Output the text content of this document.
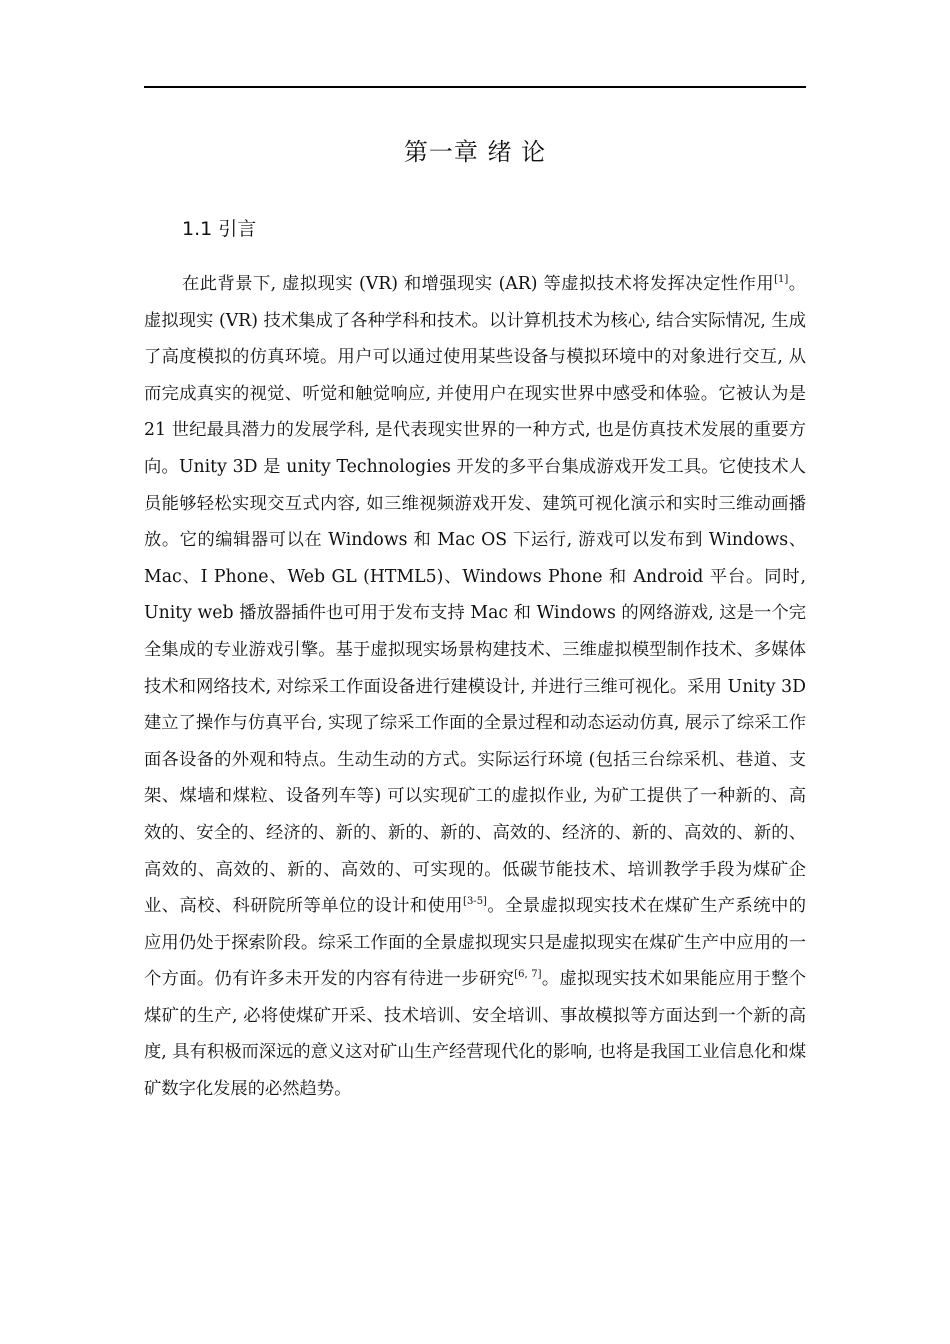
第一章 绪 论
1.1 引言

在此背景下, 虚拟现实 (VR) 和增强现实 (AR) 等虚拟技术将发挥决定性作用[1]。虚拟现实 (VR) 技术集成了各种学科和技术。以计算机技术为核心, 结合实际情况, 生成了高度模拟的仿真环境。用户可以通过使用某些设备与模拟环境中的对象进行交互, 从而完成真实的视觉、听觉和触觉响应, 并使用户在现实世界中感受和体验。它被认为是21 世纪最具潜力的发展学科, 是代表现实世界的一种方式, 也是仿真技术发展的重要方向。Unity 3D 是 unity Technologies 开发的多平台集成游戏开发工具。它使技术人员能够轻松实现交互式内容, 如三维视频游戏开发、建筑可视化演示和实时三维动画播放。它的编辑器可以在 Windows 和 Mac OS 下运行, 游戏可以发布到 Windows、Mac、I Phone、Web GL (HTML5)、Windows Phone 和 Android 平台。同时, Unity web 播放器插件也可用于发布支持 Mac 和 Windows 的网络游戏, 这是一个完全集成的专业游戏引擎。基于虚拟现实场景构建技术、三维虚拟模型制作技术、多媒体技术和网络技术, 对综采工作面设备进行建模设计, 并进行三维可视化。采用 Unity 3D 建立了操作与仿真平台, 实现了综采工作面的全景过程和动态运动仿真, 展示了综采工作面各设备的外观和特点。生动生动的方式。实际运行环境 (包括三台综采机、巷道、支架、煤墙和煤粒、设备列车等) 可以实现矿工的虚拟作业, 为矿工提供了一种新的、高效的、安全的、经济的、新的、新的、新的、高效的、经济的、新的、高效的、新的、高效的、高效的、新的、高效的、可实现的。低碳节能技术、培训教学手段为煤矿企业、高校、科研院所等单位的设计和使用[3-5]。全景虚拟现实技术在煤矿生产系统中的应用仍处于探索阶段。综采工作面的全景虚拟现实只是虚拟现实在煤矿生产中应用的一个方面。仍有许多未开发的内容有待进一步研究[6, 7]。虚拟现实技术如果能应用于整个煤矿的生产, 必将使煤矿开采、技术培训、安全培训、事故模拟等方面达到一个新的高度, 具有积极而深远的意义这对矿山生产经营现代化的影响, 也将是我国工业信息化和煤矿数字化发展的必然趋势。
